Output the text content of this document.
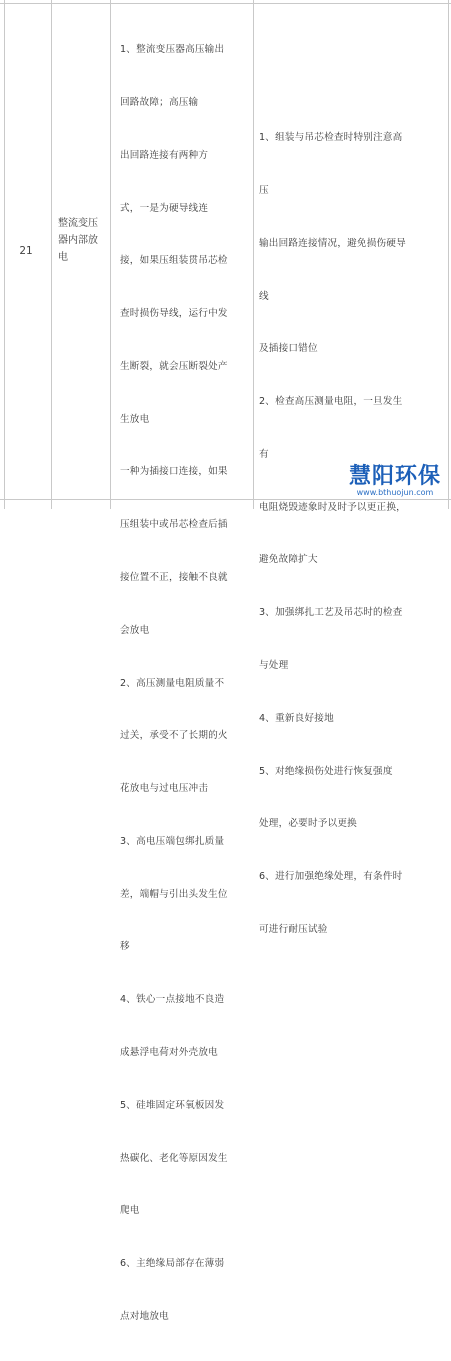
21
整流变压器内部放电

1、整流变压器高压输出

回路故障；高压输

出回路连接有两种方

式，一是为硬导线连

接，如果压组装贯吊芯检

查时损伤导线，运行中发

生断裂，就会压断裂处产

生放电

一种为插接口连接，如果

压组装中或吊芯检查后插

接位置不正，接触不良就

会放电

2、高压测量电阻质量不

过关，承受不了长期的火

花放电与过电压冲击

3、高电压端包绑扎质量

差，端帽与引出头发生位

移

4、铁心一点接地不良造

成悬浮电荷对外壳放电

5、硅堆固定环氧板因发

热碳化、老化等原因发生

爬电

6、主绝缘局部存在薄弱

点对地放电

1、组装与吊芯检查时特别注意高

压

输出回路连接情况，避免损伤硬导

线

及插接口错位

2、检查高压测量电阻，一旦发生

有

电阻烧毁迹象时及时予以更正换，

避免故障扩大

3、加强绑扎工艺及吊芯时的检查

与处理

4、重新良好接地

5、对绝缘损伤处进行恢复强度

处理，必要时予以更换

6、进行加强绝缘处理，有条件时

可进行耐压试验

慧阳环保
www.bthuojun.com
